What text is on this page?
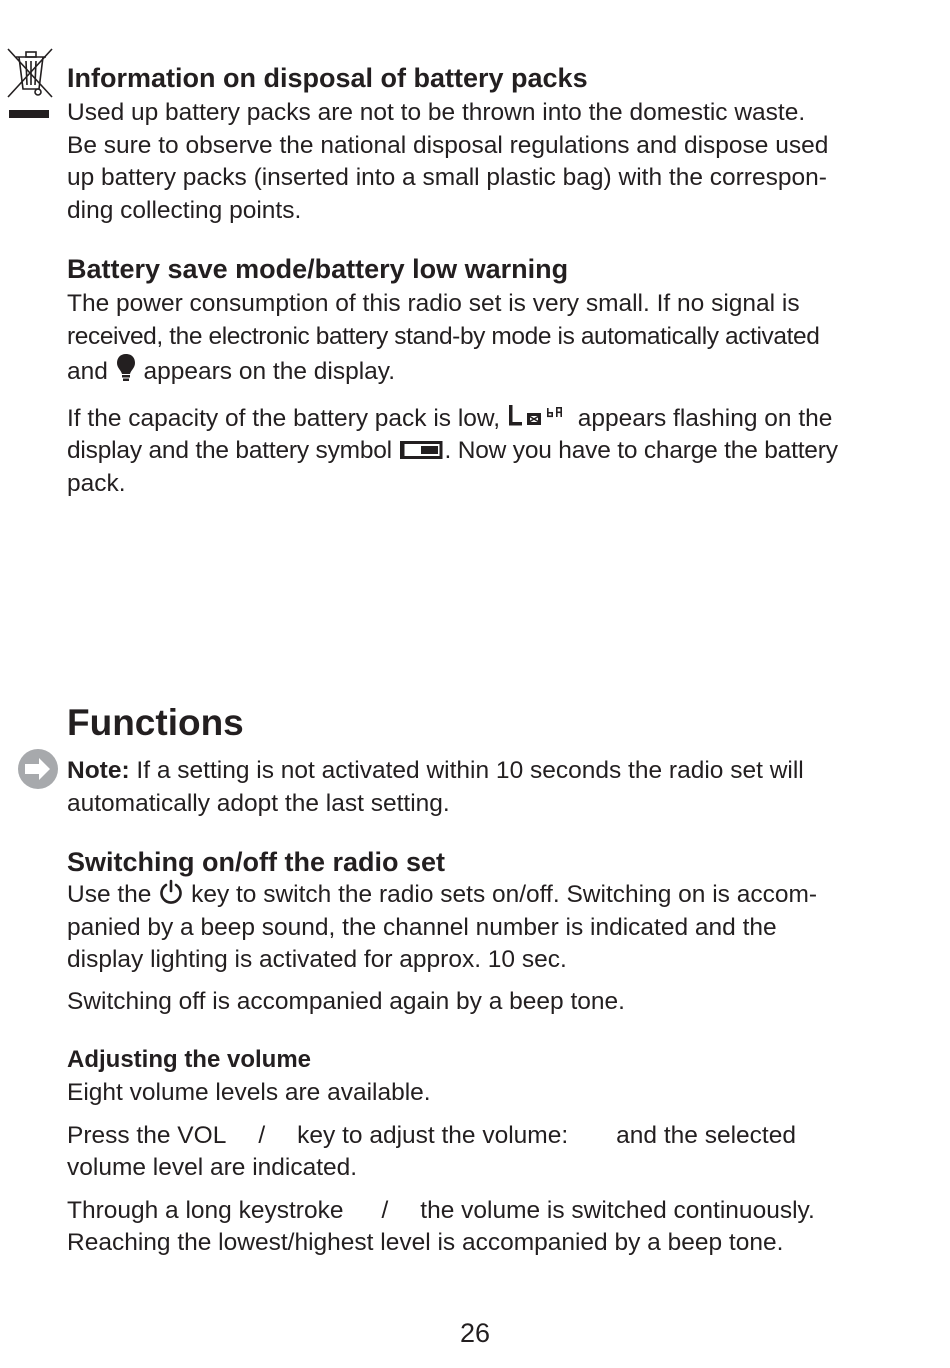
Information on disposal of battery packs

Used up battery packs are not to be thrown into the domestic waste.

Be sure to observe the national disposal regulations and dispose used

up battery packs (inserted into a small plastic bag) with the correspon-

ding collecting points.

Battery save mode/battery low warning

The power consumption of this radio set is very small. If no signal is

received, the electronic battery stand-by mode is automatically activated

and appears on the display.

If the capacity of the battery pack is low,	appears flashing on the

display and the battery symbol . Now you have to charge the battery

pack.

Functions

Note: If a setting is not activated within 10 seconds the radio set will

automatically adopt the last setting.

Switching on/off the radio set

Use the key to switch the radio sets on/off. Switching on is accom-

panied by a beep sound, the channel number is indicated and the

display lighting is activated for approx. 10 sec.

Switching off is accompanied again by a beep tone.

Adjusting the volume

Eight volume levels are available.

Press the VOL / key to adjust the volume: and the selected

volume level are indicated.

Through a long keystroke / the volume is switched continuously.

Reaching the lowest/highest level is accompanied by a beep tone.

26
